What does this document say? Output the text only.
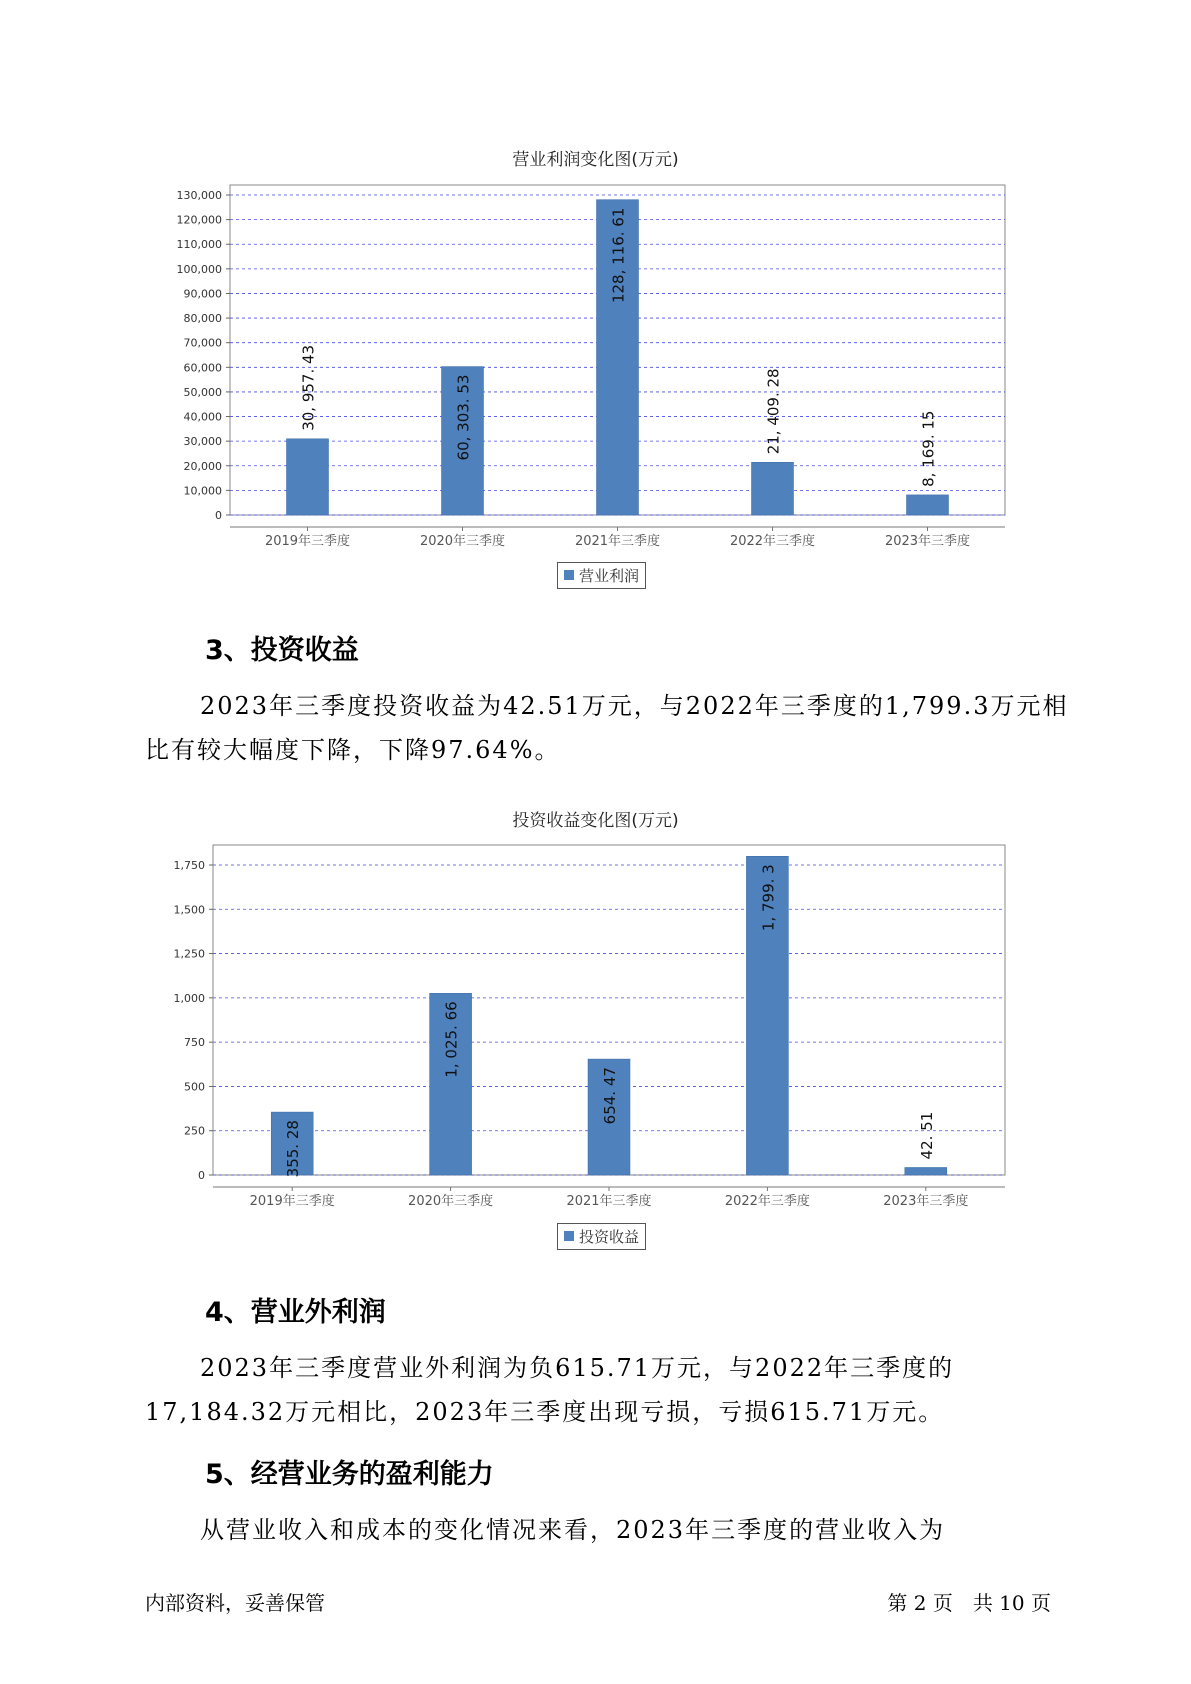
营业利润变化图(万元)
0
10,000
20,000
30,000
40,000
50,000
60,000
70,000
80,000
90,000
100,000
110,000
120,000
130,000
30, 957. 43
2019年三季度
60, 303. 53
2020年三季度
128, 116. 61
2021年三季度
21, 409. 28
2022年三季度
8, 169. 15
2023年三季度
营业利润
3、投资收益

2023年三季度投资收益为42.51万元，与2022年三季度的1,799.3万元相比有较大幅度下降，下降97.64%。

投资收益变化图(万元)
0
250
500
750
1,000
1,250
1,500
1,750
355. 28
2019年三季度
1, 025. 66
2020年三季度
654. 47
2021年三季度
1, 799. 3
2022年三季度
42. 51
2023年三季度
投资收益
4、营业外利润

2023年三季度营业外利润为负615.71万元，与2022年三季度的17,184.32万元相比，2023年三季度出现亏损，亏损615.71万元。

5、经营业务的盈利能力

从营业收入和成本的变化情况来看，2023年三季度的营业收入为

内部资料，妥善保管	第 2 页　共 10 页
